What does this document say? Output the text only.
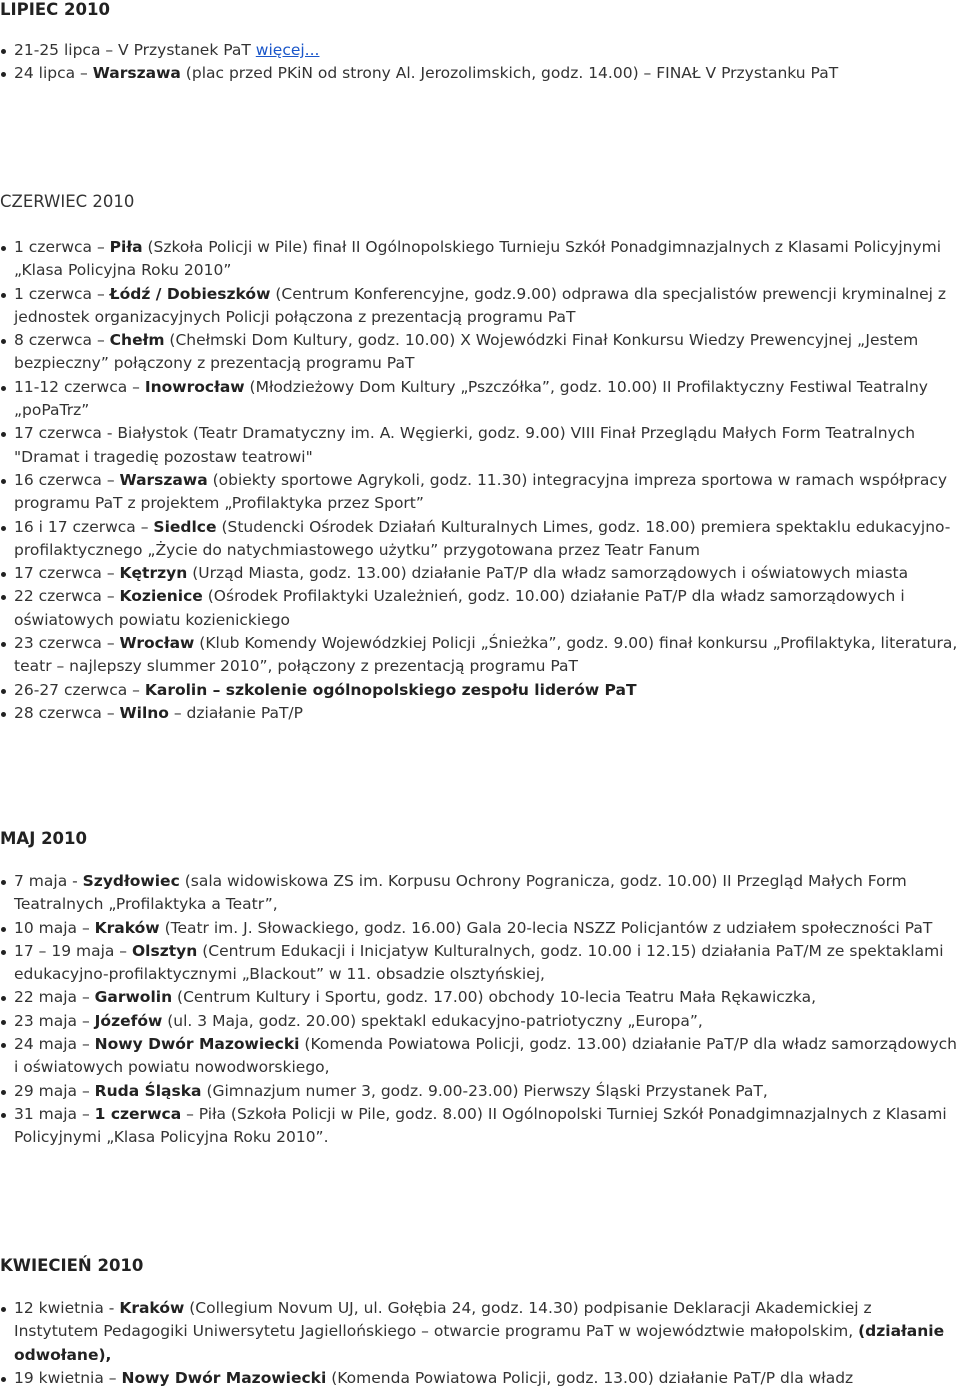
LIPIEC 2010
21-25 lipca – V Przystanek PaT więcej...
24 lipca – Warszawa (plac przed PKiN od strony Al. Jerozolimskich, godz. 14.00) – FINAŁ V Przystanku PaT
CZERWIEC 2010
1 czerwca – Piła (Szkoła Policji w Pile) finał II Ogólnopolskiego Turnieju Szkół Ponadgimnazjalnych z Klasami Policyjnymi „Klasa Policyjna Roku 2010”
1 czerwca – Łódź / Dobieszków (Centrum Konferencyjne, godz.9.00) odprawa dla specjalistów prewencji kryminalnej z jednostek organizacyjnych Policji połączona z prezentacją programu PaT
8 czerwca – Chełm (Chełmski Dom Kultury, godz. 10.00) X Wojewódzki Finał Konkursu Wiedzy Prewencyjnej „Jestem bezpieczny” połączony z prezentacją programu PaT
11-12 czerwca – Inowrocław (Młodzieżowy Dom Kultury „Pszczółka”, godz. 10.00) II Profilaktyczny Festiwal Teatralny „poPaTrz”
17 czerwca - Białystok (Teatr Dramatyczny im. A. Węgierki, godz. 9.00) VIII Finał Przeglądu Małych Form Teatralnych "Dramat i tragedię pozostaw teatrowi"
16 czerwca – Warszawa (obiekty sportowe Agrykoli, godz. 11.30) integracyjna impreza sportowa w ramach współpracy programu PaT z projektem „Profilaktyka przez Sport”
16 i 17 czerwca – Siedlce (Studencki Ośrodek Działań Kulturalnych Limes, godz. 18.00) premiera spektaklu edukacyjno-profilaktycznego „Życie do natychmiastowego użytku” przygotowana przez Teatr Fanum
17 czerwca – Kętrzyn (Urząd Miasta, godz. 13.00) działanie PaT/P dla władz samorządowych i oświatowych miasta
22 czerwca – Kozienice (Ośrodek Profilaktyki Uzależnień, godz. 10.00) działanie PaT/P dla władz samorządowych i oświatowych powiatu kozienickiego
23 czerwca – Wrocław (Klub Komendy Wojewódzkiej Policji „Śnieżka”, godz. 9.00) finał konkursu „Profilaktyka, literatura, teatr – najlepszy slummer 2010”, połączony z prezentacją programu PaT
26-27 czerwca – Karolin – szkolenie ogólnopolskiego zespołu liderów PaT
28 czerwca – Wilno – działanie PaT/P
MAJ 2010
7 maja - Szydłowiec (sala widowiskowa ZS im. Korpusu Ochrony Pogranicza, godz. 10.00) II Przegląd Małych Form Teatralnych „Profilaktyka a Teatr”,
10 maja – Kraków (Teatr im. J. Słowackiego, godz. 16.00) Gala 20-lecia NSZZ Policjantów z udziałem społeczności PaT
17 – 19 maja – Olsztyn (Centrum Edukacji i Inicjatyw Kulturalnych, godz. 10.00 i 12.15) działania PaT/M ze spektaklami edukacyjno-profilaktycznymi „Blackout” w 11. obsadzie olsztyńskiej,
22 maja – Garwolin (Centrum Kultury i Sportu, godz. 17.00) obchody 10-lecia Teatru Mała Rękawiczka,
23 maja – Józefów (ul. 3 Maja, godz. 20.00) spektakl edukacyjno-patriotyczny „Europa”,
24 maja – Nowy Dwór Mazowiecki (Komenda Powiatowa Policji, godz. 13.00) działanie PaT/P dla władz samorządowych i oświatowych powiatu nowodworskiego,
29 maja – Ruda Śląska (Gimnazjum numer 3, godz. 9.00-23.00) Pierwszy Śląski Przystanek PaT,
31 maja – 1 czerwca – Piła (Szkoła Policji w Pile, godz. 8.00) II Ogólnopolski Turniej Szkół Ponadgimnazjalnych z Klasami Policyjnymi „Klasa Policyjna Roku 2010”.
KWIECIEŃ 2010
12 kwietnia - Kraków (Collegium Novum UJ, ul. Gołębia 24, godz. 14.30) podpisanie Deklaracji Akademickiej z Instytutem Pedagogiki Uniwersytetu Jagiellońskiego – otwarcie programu PaT w województwie małopolskim, (działanie odwołane),
19 kwietnia – Nowy Dwór Mazowiecki (Komenda Powiatowa Policji, godz. 13.00) działanie PaT/P dla władz
